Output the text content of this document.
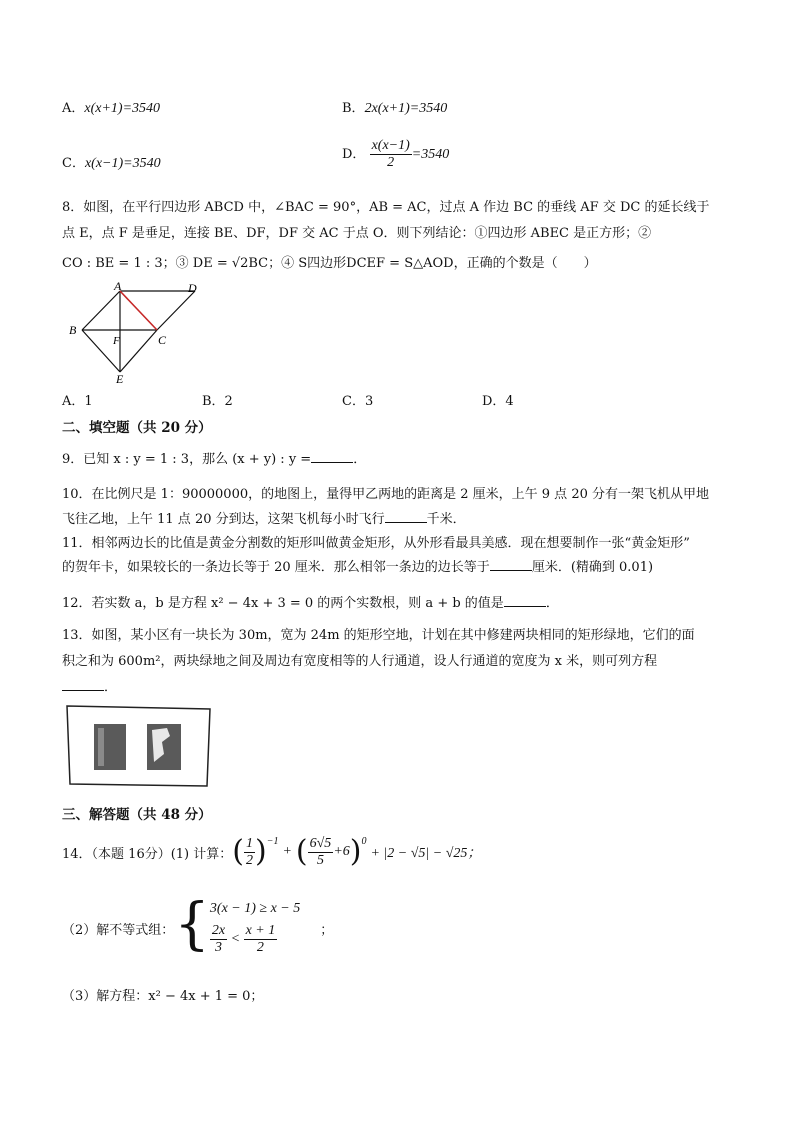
A．x(x+1)=3540	B．2x(x+1)=3540
C．x(x−1)=3540
D． $\frac{x(x-1)}{2} =3540$
8．如图，在平行四边形 ABCD 中，∠BAC = 90°，AB = AC，过点 A 作边 BC 的垂线 AF 交 DC 的延长线于
点 E，点 F 是垂足，连接 BE、DF，DF 交 AC 于点 O．则下列结论：①四边形 ABEC 是正方形；②
CO : BE = 1 : 3；③ DE = √2BC；④ S四边形DCEF = S△AOD，正确的个数是（　　）
A	D
B
F	C
E
A．1	B．2	C．3	D．4
二、填空题（共 20 分）
9．已知 x : y = 1 : 3，那么 (x + y) : y =	．
10．在比例尺是 1：90000000，的地图上，量得甲乙两地的距离是 2 厘米，上午 9 点 20 分有一架飞机从甲地
飞往乙地，上午 11 点 20 分到达，这架飞机每小时飞行	千米．
11．相邻两边长的比值是黄金分割数的矩形叫做黄金矩形，从外形看最具美感．现在想要制作一张“黄金矩形”
的贺年卡，如果较长的一条边长等于 20 厘米．那么相邻一条边的边长等于	厘米．(精确到 0.01)
12．若实数 a，b 是方程 x² − 4x + 3 = 0 的两个实数根，则 a + b 的值是	．
13．如图，某小区有一块长为 30m，宽为 24m 的矩形空地，计划在其中修建两块相同的矩形绿地，它们的面
积之和为 600m²，两块绿地之间及周边有宽度相等的人行通道，设人行通道的宽度为 x 米，则可列方程
．
三、解答题（共 48 分）
14．（本题 16分）(1) 计算： ( $\frac{1}{2} )^{-1}$
+ ( $\frac{6√5}{5} +6$ )$^0$
+ |2 − √5| − √25；
（2）解不等式组： { 3(x − 1) ≥ x − 5
$\frac{2x}{3} < \frac{x + 1}{2}$	；
（3）解方程：x² − 4x + 1 = 0；
